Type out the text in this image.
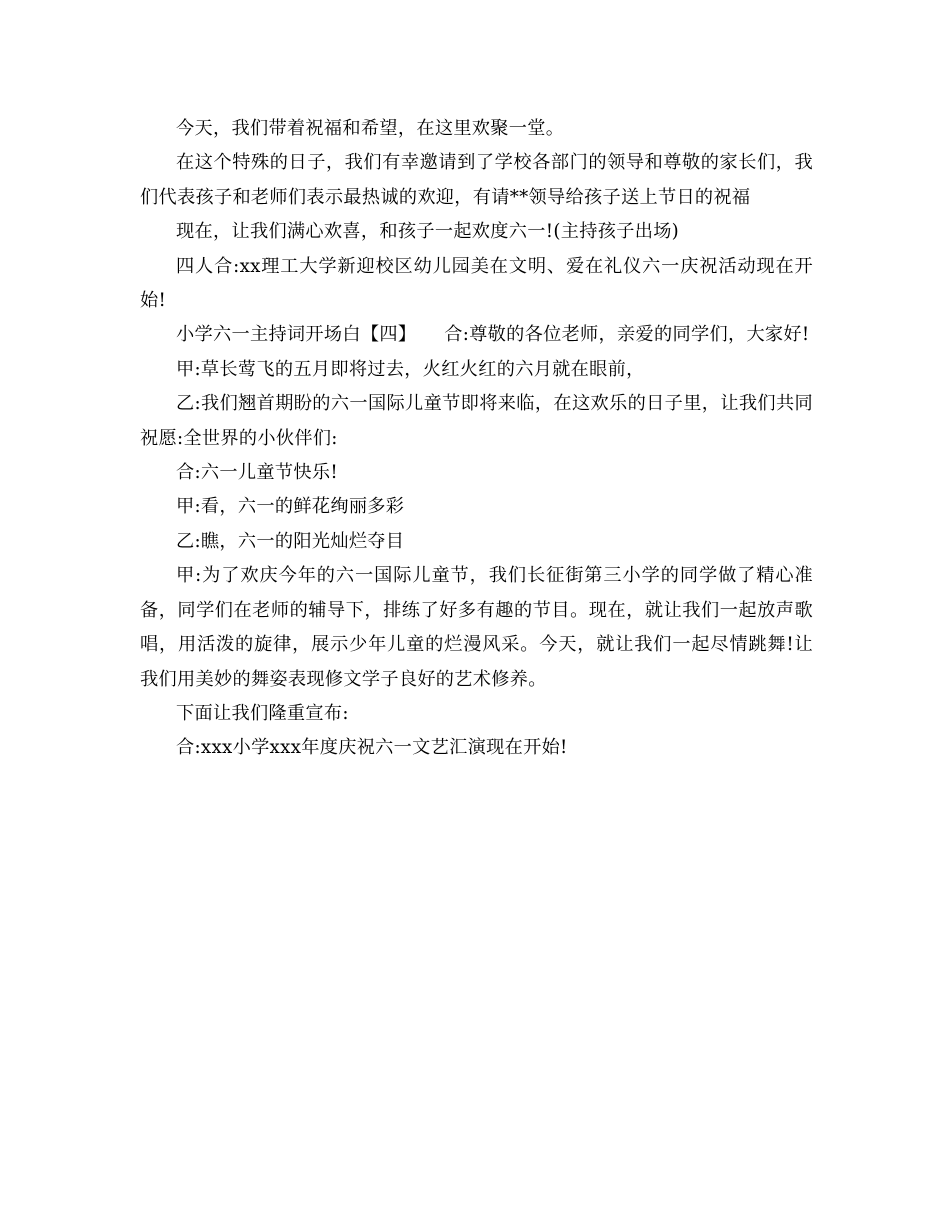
今天，我们带着祝福和希望，在这里欢聚一堂。

在这个特殊的日子，我们有幸邀请到了学校各部门的领导和尊敬的家长们，我们代表孩子和老师们表示最热诚的欢迎，有请**领导给孩子送上节日的祝福

现在，让我们满心欢喜，和孩子一起欢度六一!(主持孩子出场)

四人合:xx理工大学新迎校区幼儿园美在文明、爱在礼仪六一庆祝活动现在开始!

小学六一主持词开场白【四】　　合:尊敬的各位老师，亲爱的同学们，大家好!

甲:草长莺飞的五月即将过去，火红火红的六月就在眼前，

乙:我们翘首期盼的六一国际儿童节即将来临，在这欢乐的日子里，让我们共同祝愿:全世界的小伙伴们:

合:六一儿童节快乐!

甲:看，六一的鲜花绚丽多彩

乙:瞧，六一的阳光灿烂夺目

甲:为了欢庆今年的六一国际儿童节，我们长征街第三小学的同学做了精心准备，同学们在老师的辅导下，排练了好多有趣的节目。现在，就让我们一起放声歌唱，用活泼的旋律，展示少年儿童的烂漫风采。今天，就让我们一起尽情跳舞!让我们用美妙的舞姿表现修文学子良好的艺术修养。

下面让我们隆重宣布:

合:xxx小学xxx年度庆祝六一文艺汇演现在开始!
